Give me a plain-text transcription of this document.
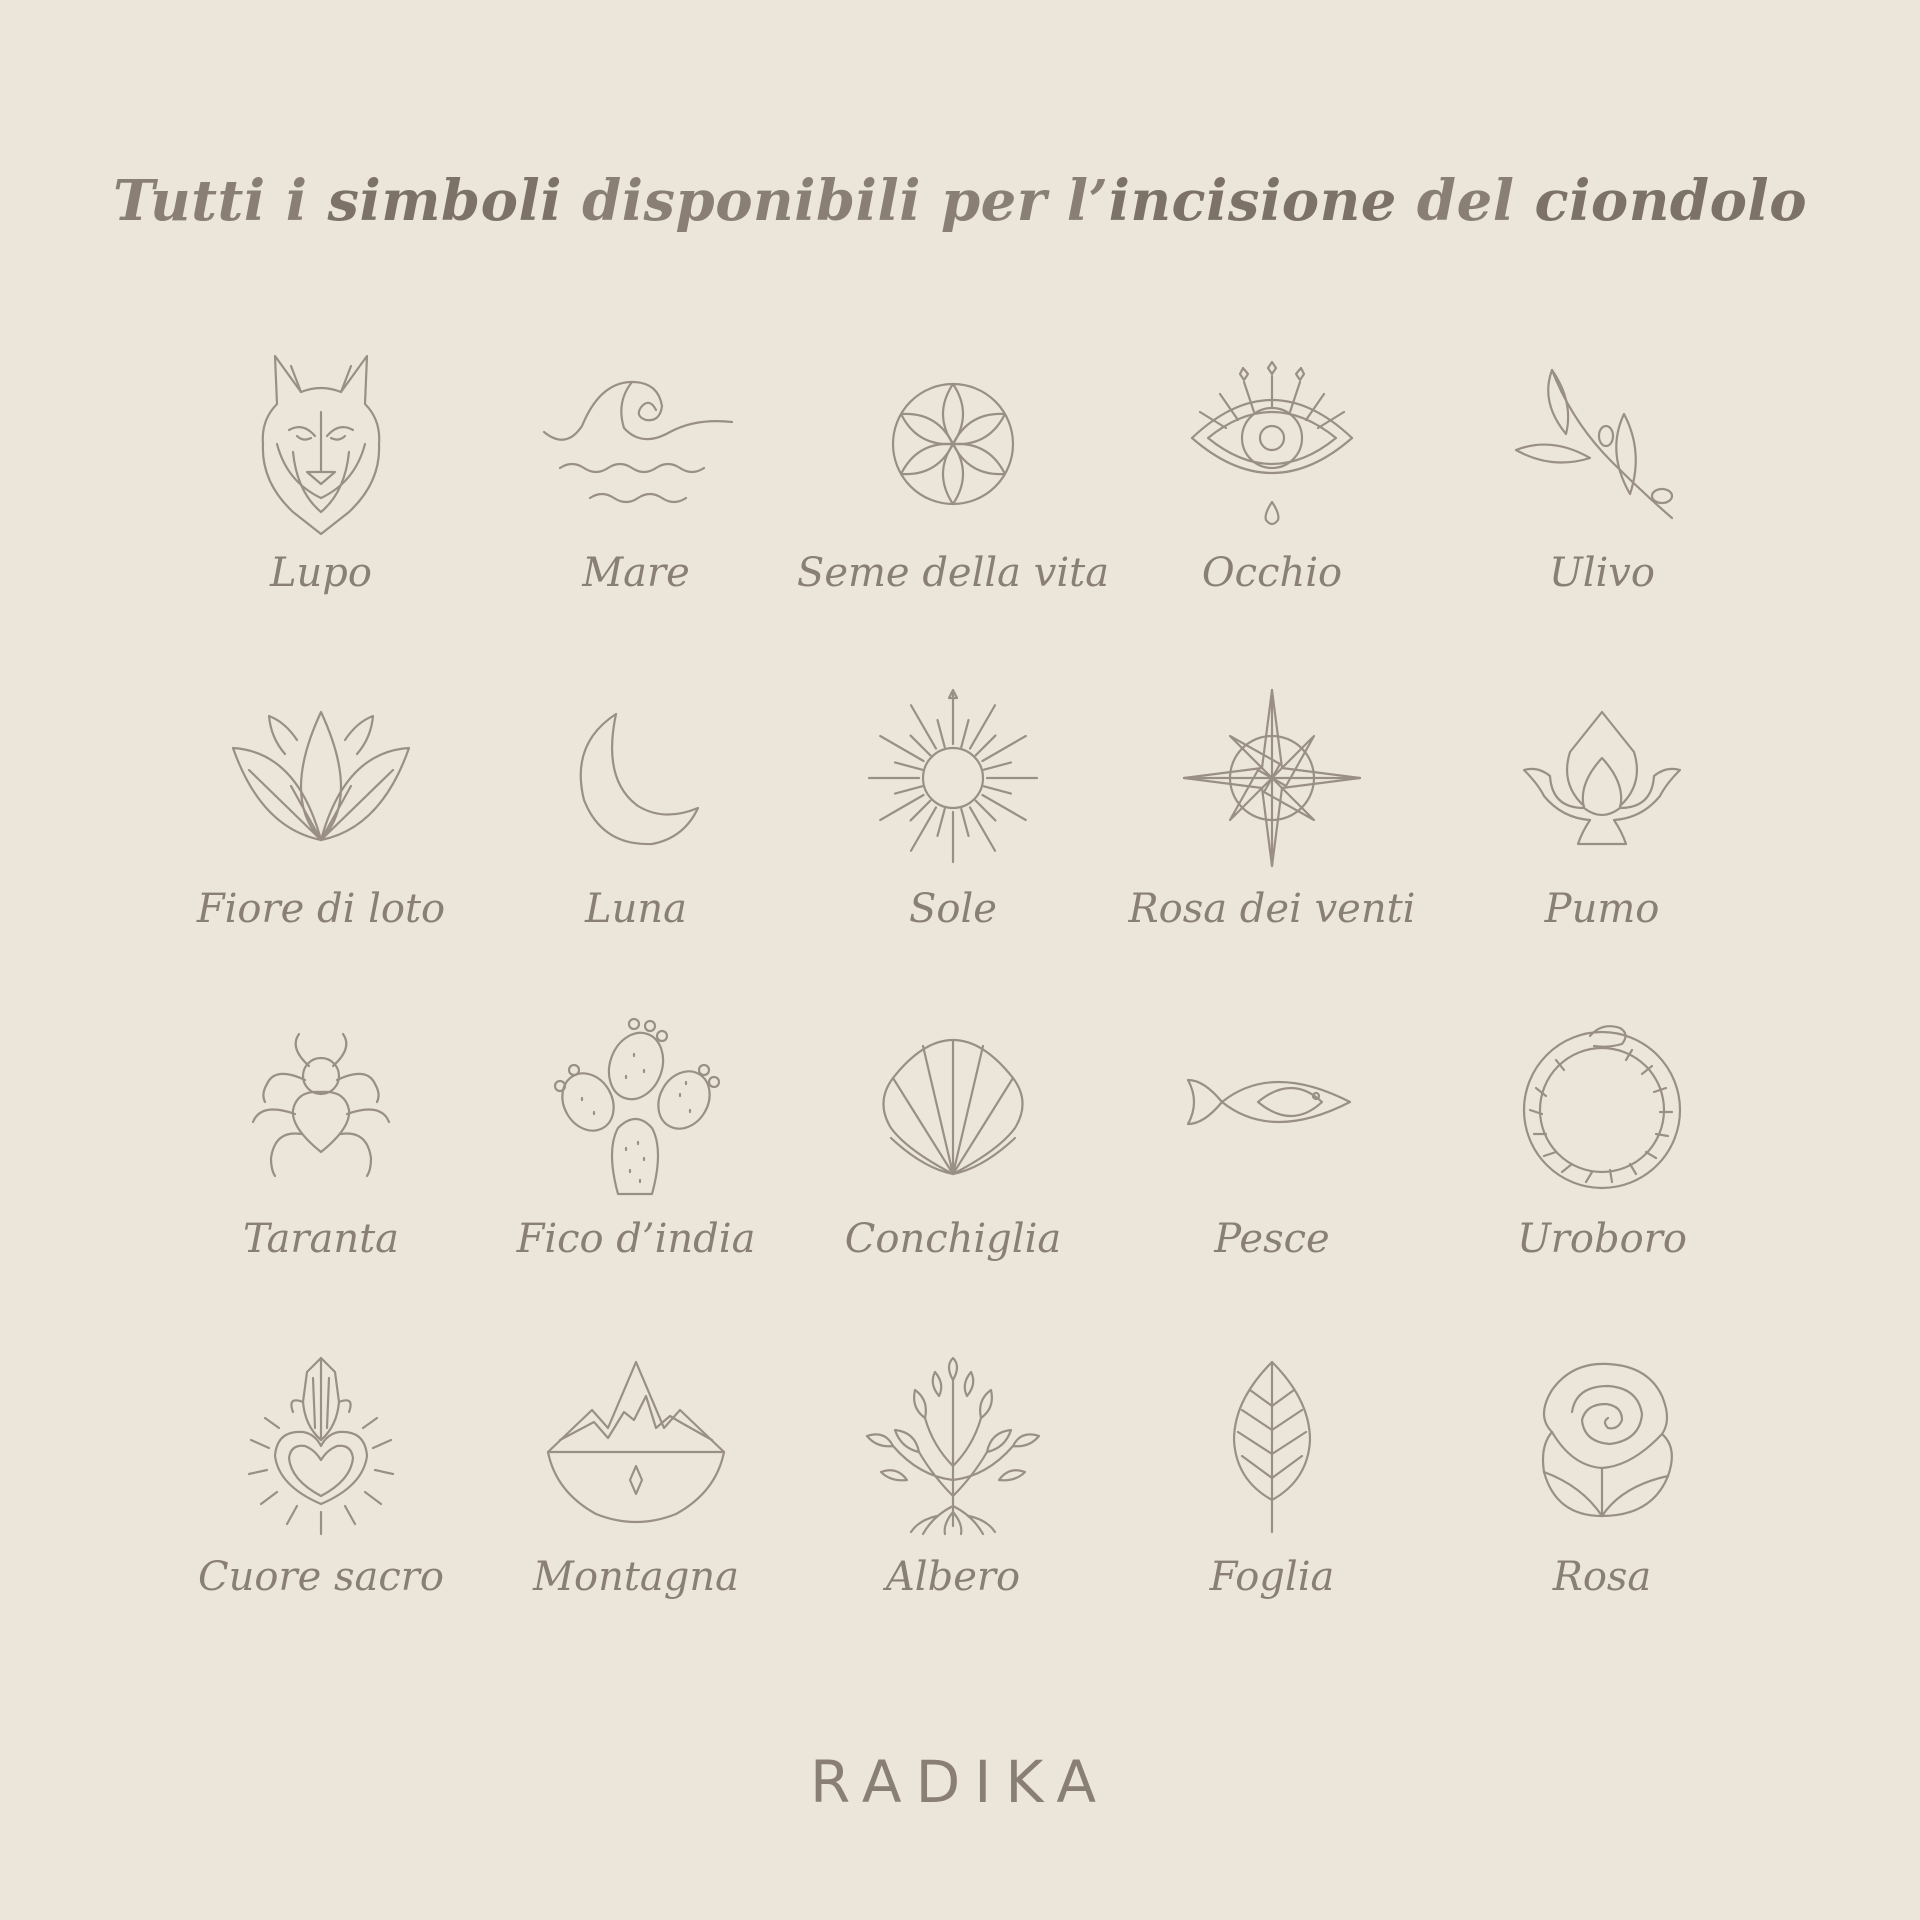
Tutti i simboli disponibili per l’incisione del ciondolo
Lupo	Mare	Seme della vita	Occhio	Ulivo
Fiore di loto	Luna	Sole	Rosa dei venti	Pumo
Taranta	Fico d’india	Conchiglia	Pesce	Uroboro
Cuore sacro	Montagna	Albero	Foglia	Rosa
RADIKA
